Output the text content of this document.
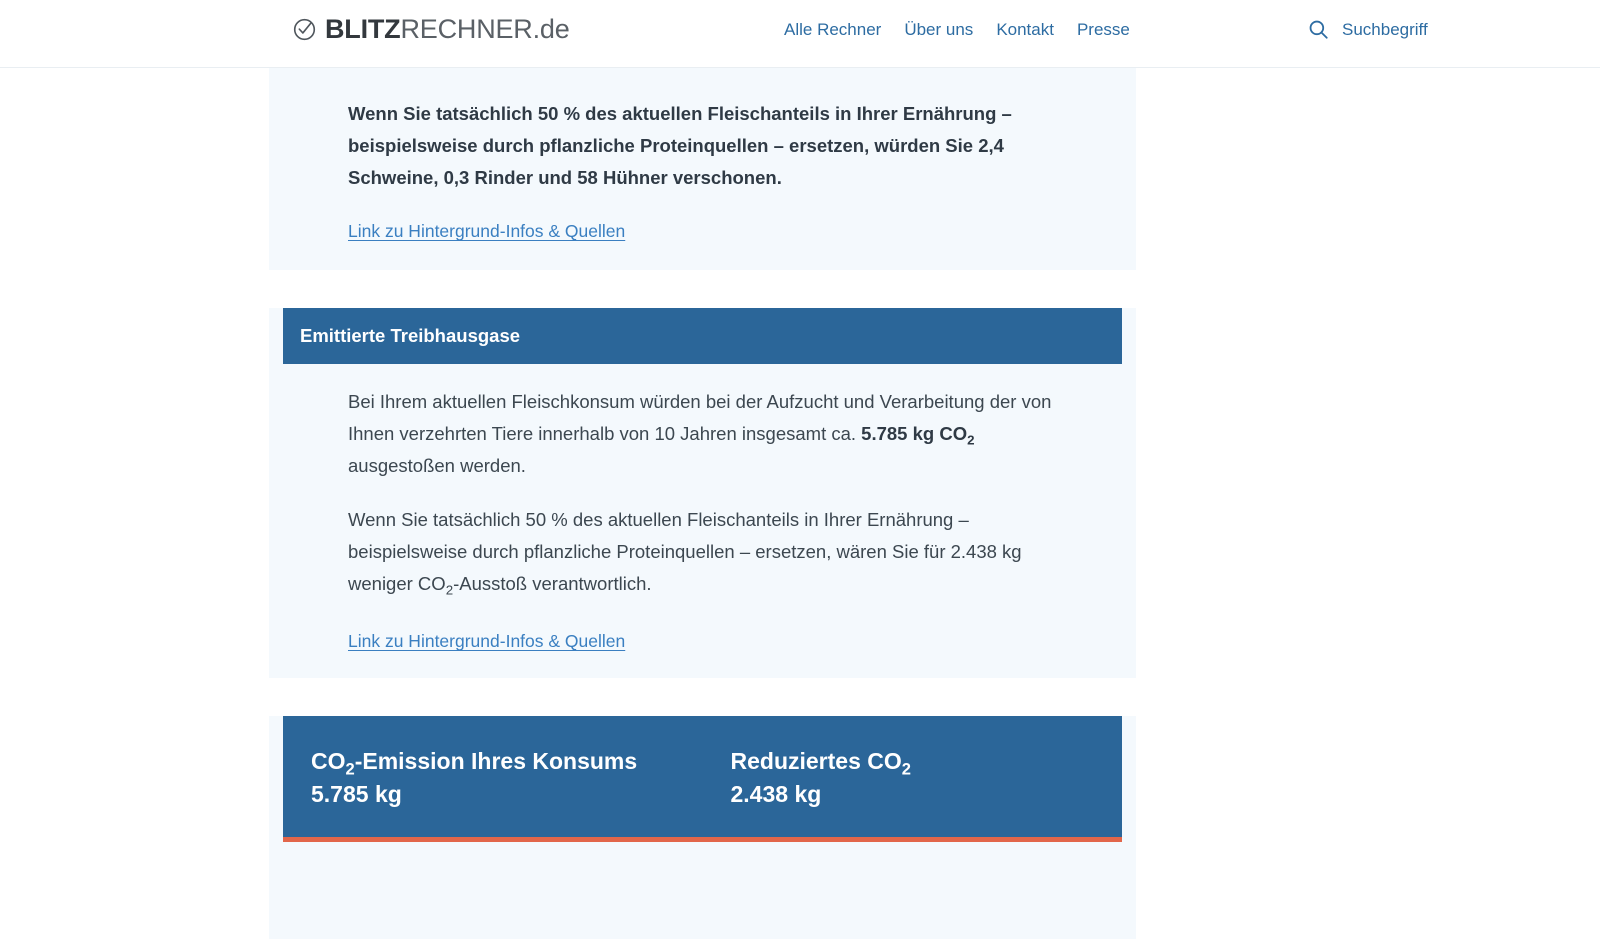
BLITZRECHNER.de	Alle Rechner Über uns Kontakt Presse
Suchbegriff

Wenn Sie tatsächlich 50 % des aktuellen Fleischanteils in Ihrer Ernährung – beispielsweise durch pflanzliche Proteinquellen – ersetzen, würden Sie 2,4 Schweine, 0,3 Rinder und 58 Hühner verschonen.

Link zu Hintergrund-Infos & Quellen
Emittierte Treibhausgase

Bei Ihrem aktuellen Fleischkonsum würden bei der Aufzucht und Verarbeitung der von Ihnen verzehrten Tiere innerhalb von 10 Jahren insgesamt ca. 5.785 kg $CO_2$ ausgestoßen werden.

Wenn Sie tatsächlich 50 % des aktuellen Fleischanteils in Ihrer Ernährung – beispielsweise durch pflanzliche Proteinquellen – ersetzen, wären Sie für 2.438 kg weniger $CO_2$-Ausstoß verantwortlich.

Link zu Hintergrund-Infos & Quellen
$CO_2$-Emission Ihres Konsums
5.785 kg
Reduziertes $CO_2$
2.438 kg
